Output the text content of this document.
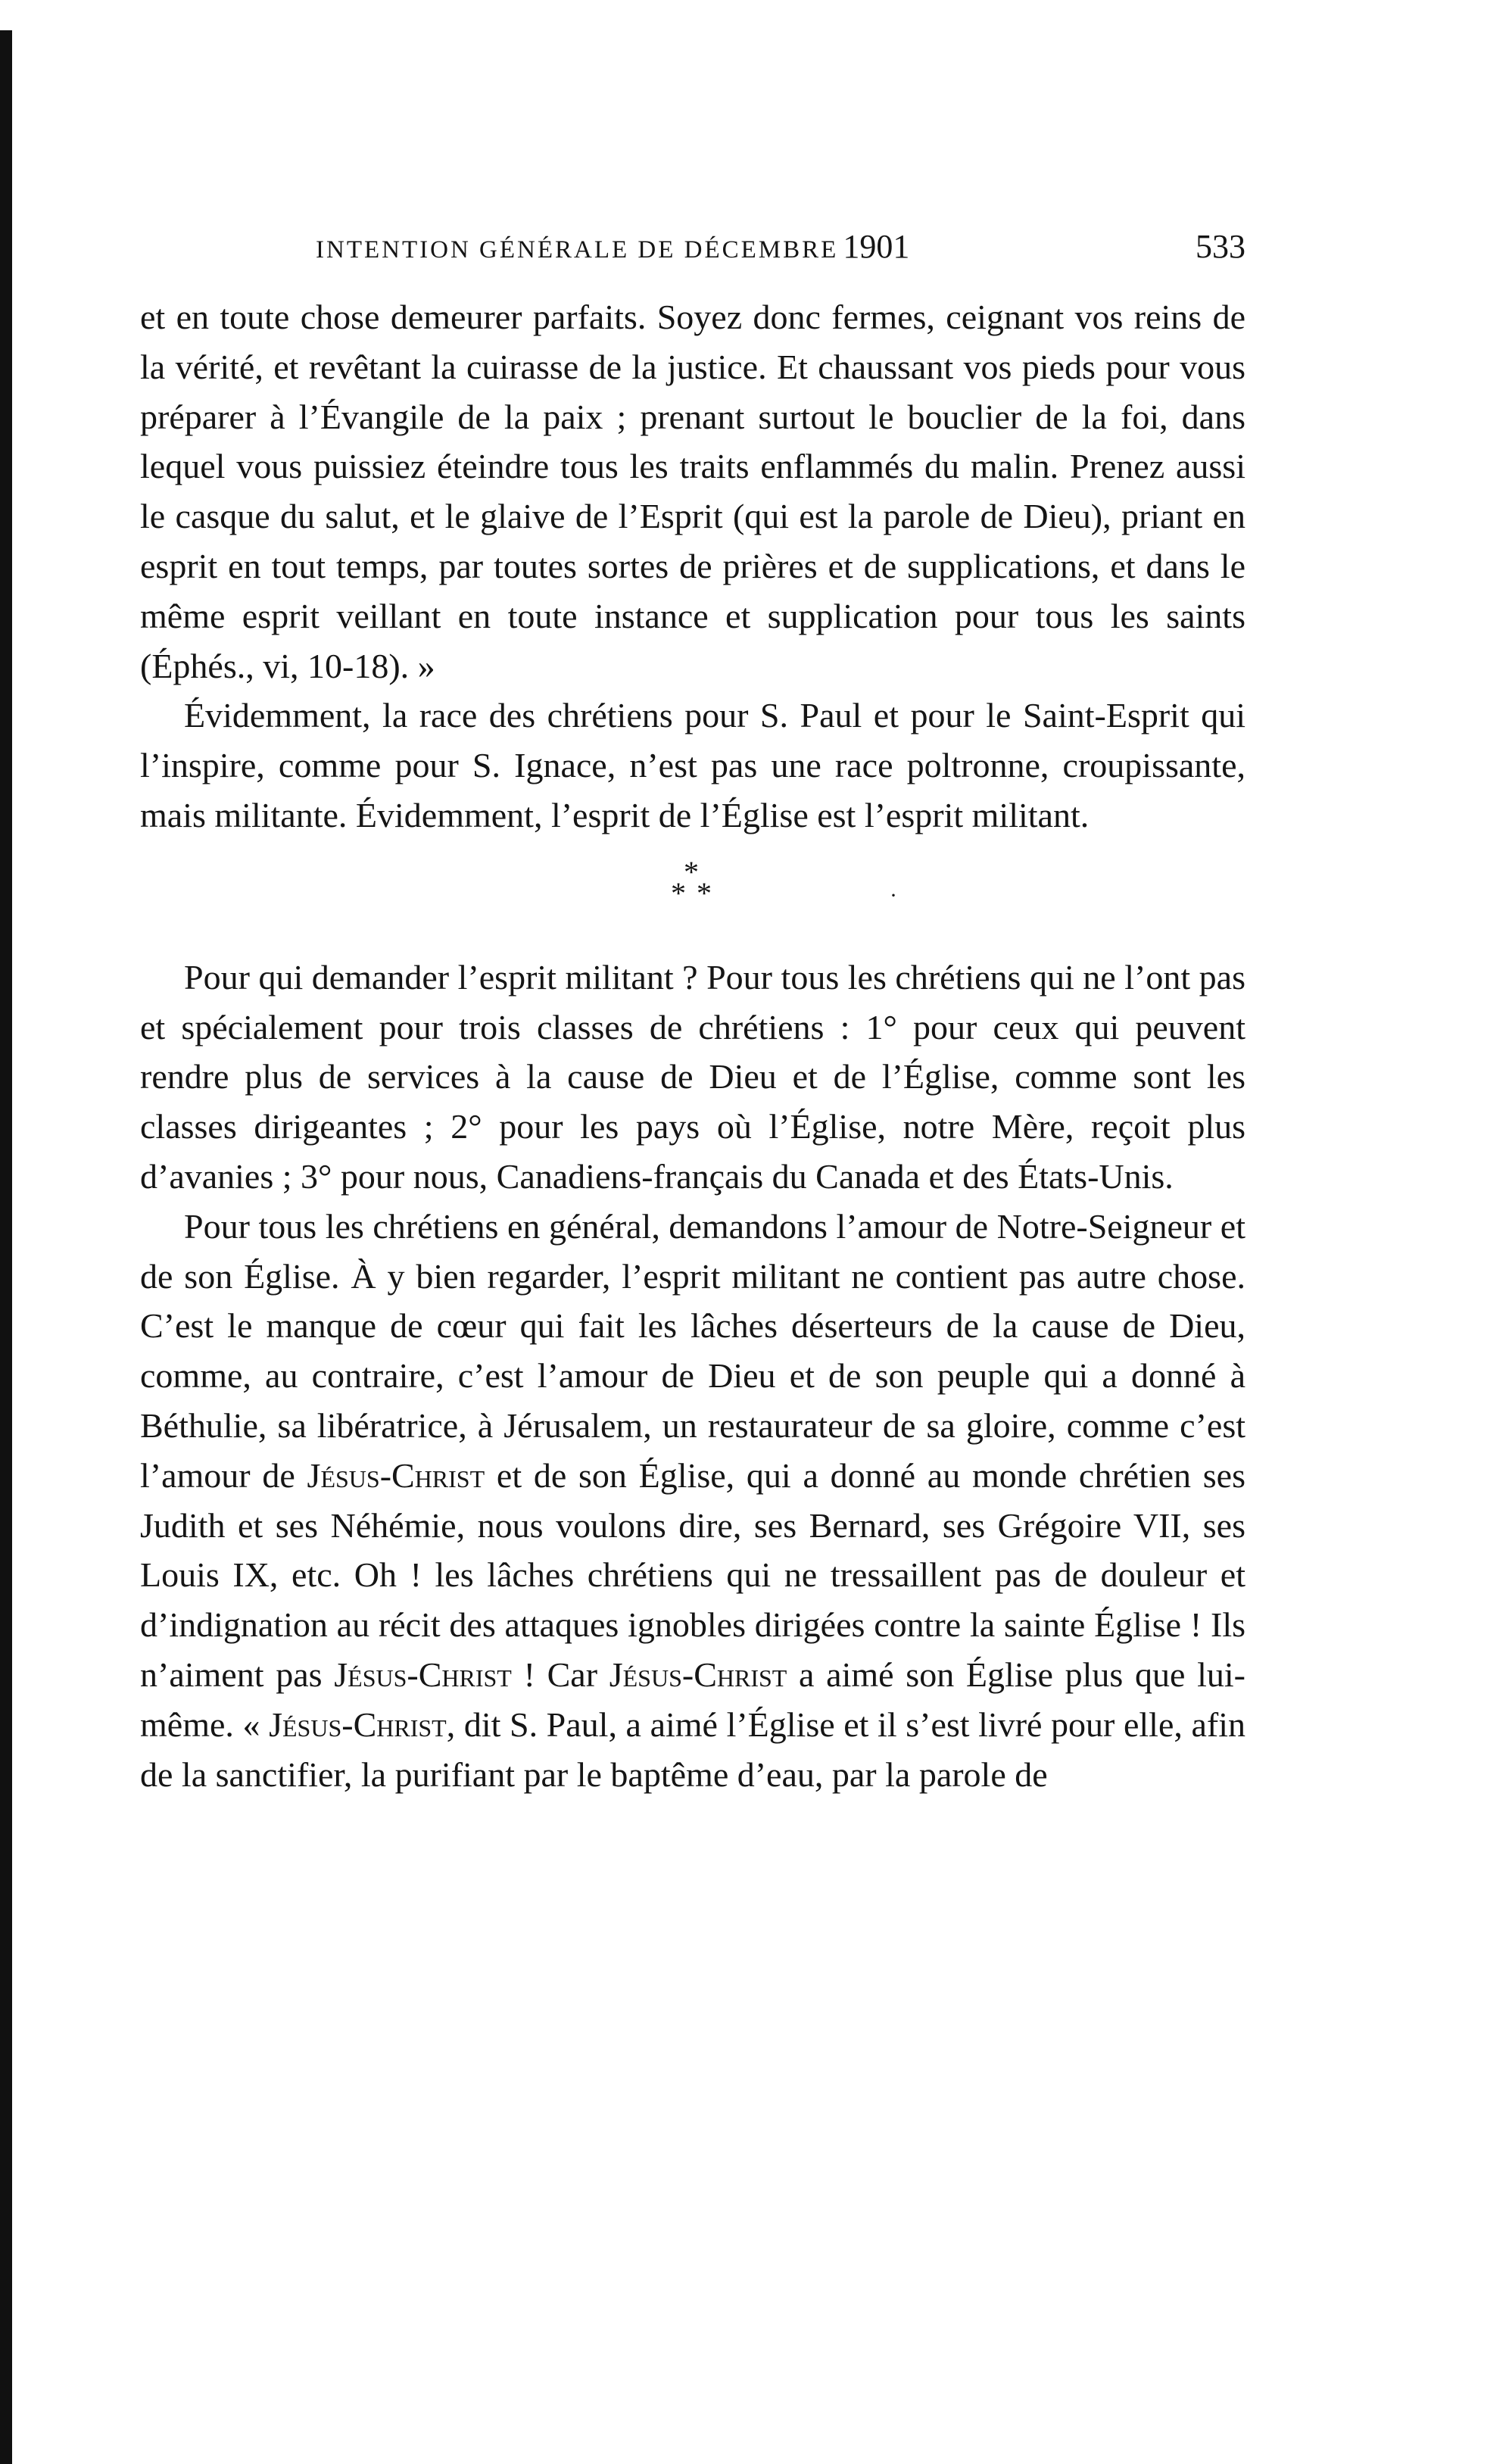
INTENTION GÉNÉRALE DE DÉCEMBRE 1901	533

et en toute chose demeurer parfaits. Soyez donc fermes, ceignant vos reins de la vérité, et revêtant la cuirasse de la justice. Et chaussant vos pieds pour vous préparer à l’Évangile de la paix ; prenant surtout le bouclier de la foi, dans lequel vous puissiez éteindre tous les traits enflammés du malin. Prenez aussi le casque du salut, et le glaive de l’Esprit (qui est la parole de Dieu), priant en esprit en tout temps, par toutes sortes de prières et de supplications, et dans le même esprit veillant en toute instance et supplication pour tous les saints (Éphés., vi, 10-18). »

Évidemment, la race des chrétiens pour S. Paul et pour le Saint-Esprit qui l’inspire, comme pour S. Ignace, n’est pas une race poltronne, croupissante, mais militante. Évidemment, l’esprit de l’Église est l’esprit militant.

*
* *	·

Pour qui demander l’esprit militant ? Pour tous les chrétiens qui ne l’ont pas et spécialement pour trois classes de chrétiens : 1° pour ceux qui peuvent rendre plus de services à la cause de Dieu et de l’Église, comme sont les classes dirigeantes ; 2° pour les pays où l’Église, notre Mère, reçoit plus d’avanies ; 3° pour nous, Canadiens-français du Canada et des États-Unis.

Pour tous les chrétiens en général, demandons l’amour de Notre-Seigneur et de son Église. À y bien regarder, l’esprit militant ne contient pas autre chose. C’est le manque de cœur qui fait les lâches déserteurs de la cause de Dieu, comme, au contraire, c’est l’amour de Dieu et de son peuple qui a donné à Béthulie, sa libératrice, à Jérusalem, un restaurateur de sa gloire, comme c’est l’amour de Jésus-Christ et de son Église, qui a donné au monde chrétien ses Judith et ses Néhémie, nous voulons dire, ses Bernard, ses Grégoire VII, ses Louis IX, etc. Oh ! les lâches chrétiens qui ne tressaillent pas de douleur et d’indignation au récit des attaques ignobles dirigées contre la sainte Église ! Ils n’aiment pas Jésus-Christ ! Car Jésus-Christ a aimé son Église plus que lui-même. « Jésus-Christ, dit S. Paul, a aimé l’Église et il s’est livré pour elle, afin de la sanctifier, la purifiant par le baptême d’eau, par la parole de
